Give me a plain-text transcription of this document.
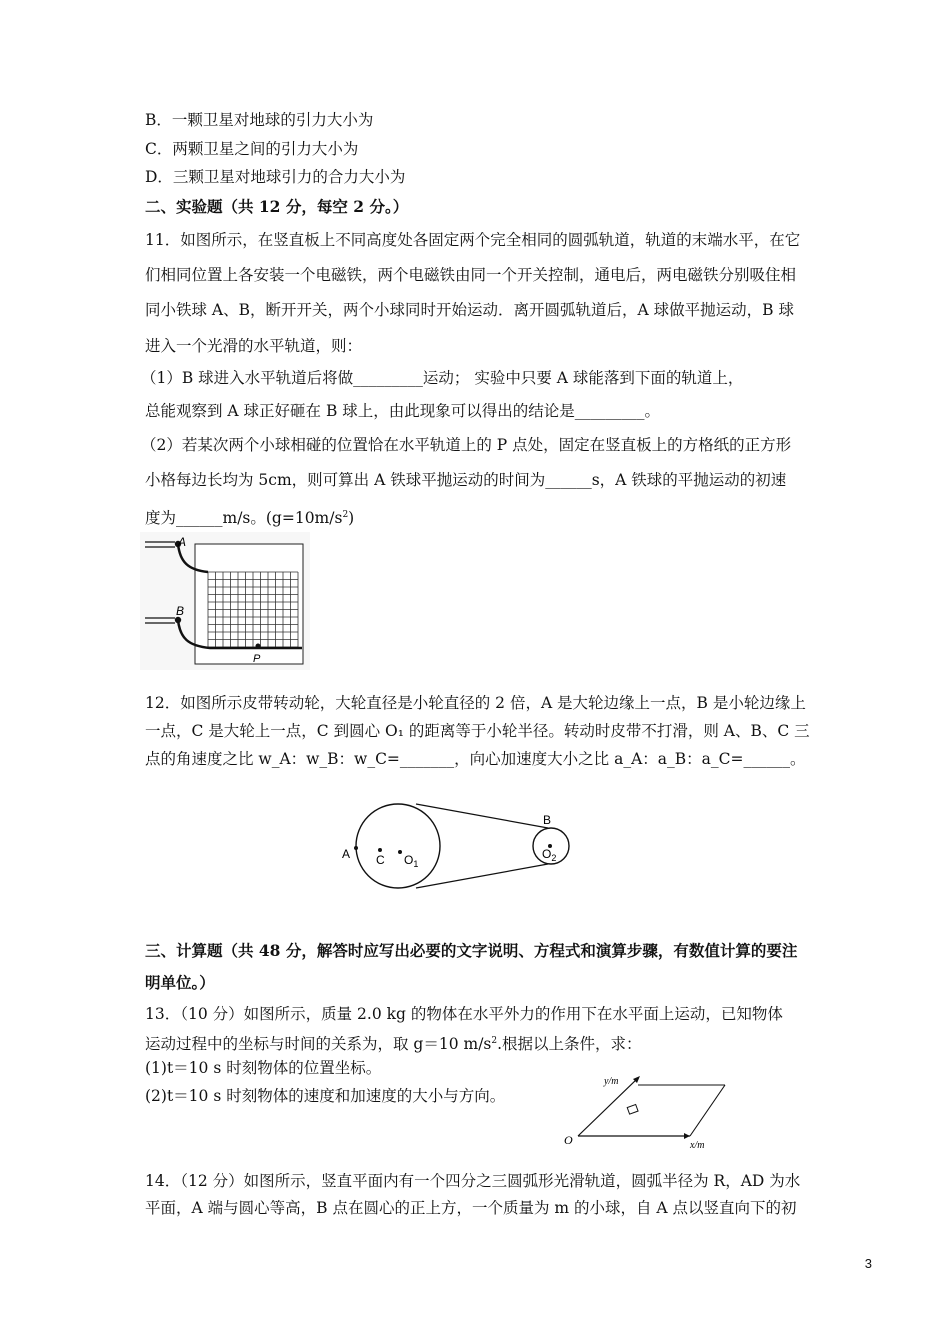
B．一颗卫星对地球的引力大小为
C．两颗卫星之间的引力大小为
D．三颗卫星对地球引力的合力大小为
二、实验题（共 12 分，每空 2 分。）
11．如图所示，在竖直板上不同高度处各固定两个完全相同的圆弧轨道，轨道的末端水平，在它
们相同位置上各安装一个电磁铁，两个电磁铁由同一个开关控制，通电后，两电磁铁分别吸住相
同小铁球 A、B，断开开关，两个小球同时开始运动．离开圆弧轨道后，A 球做平抛运动，B 球
进入一个光滑的水平轨道，则：
（1）B 球进入水平轨道后将做_________运动； 实验中只要 A 球能落到下面的轨道上，
总能观察到 A 球正好砸在 B 球上，由此现象可以得出的结论是_________。
（2）若某次两个小球相碰的位置恰在水平轨道上的 P 点处，固定在竖直板上的方格纸的正方形
小格每边长均为 5cm，则可算出 A 铁球平抛运动的时间为______s，A 铁球的平抛运动的初速
度为______m/s。$(g=10m/s^2)$
A
B
P
12．如图所示皮带转动轮，大轮直径是小轮直径的 2 倍，A 是大轮边缘上一点，B 是小轮边缘上
一点，C 是大轮上一点，C 到圆心 O₁ 的距离等于小轮半径。转动时皮带不打滑，则 A、B、C 三
点的角速度之比 w_A：w_B：w_C=_______，向心加速度大小之比 a_A：a_B：a_C=______。
A C $O_1$
B
$O_2$
三、计算题（共 48 分，解答时应写出必要的文字说明、方程式和演算步骤，有数值计算的要注
明单位。）
13．（10 分）如图所示，质量 2.0 kg 的物体在水平外力的作用下在水平面上运动，已知物体
运动过程中的坐标与时间的关系为，取 g＝10 $m/s^2$.根据以上条件，求：
(1)t＝10 s 时刻物体的位置坐标。
(2)t＝10 s 时刻物体的速度和加速度的大小与方向。
y/m
x/m
O
14．（12 分）如图所示，竖直平面内有一个四分之三圆弧形光滑轨道，圆弧半径为 R，AD 为水
平面，A 端与圆心等高，B 点在圆心的正上方，一个质量为 m 的小球，自 A 点以竖直向下的初
3
